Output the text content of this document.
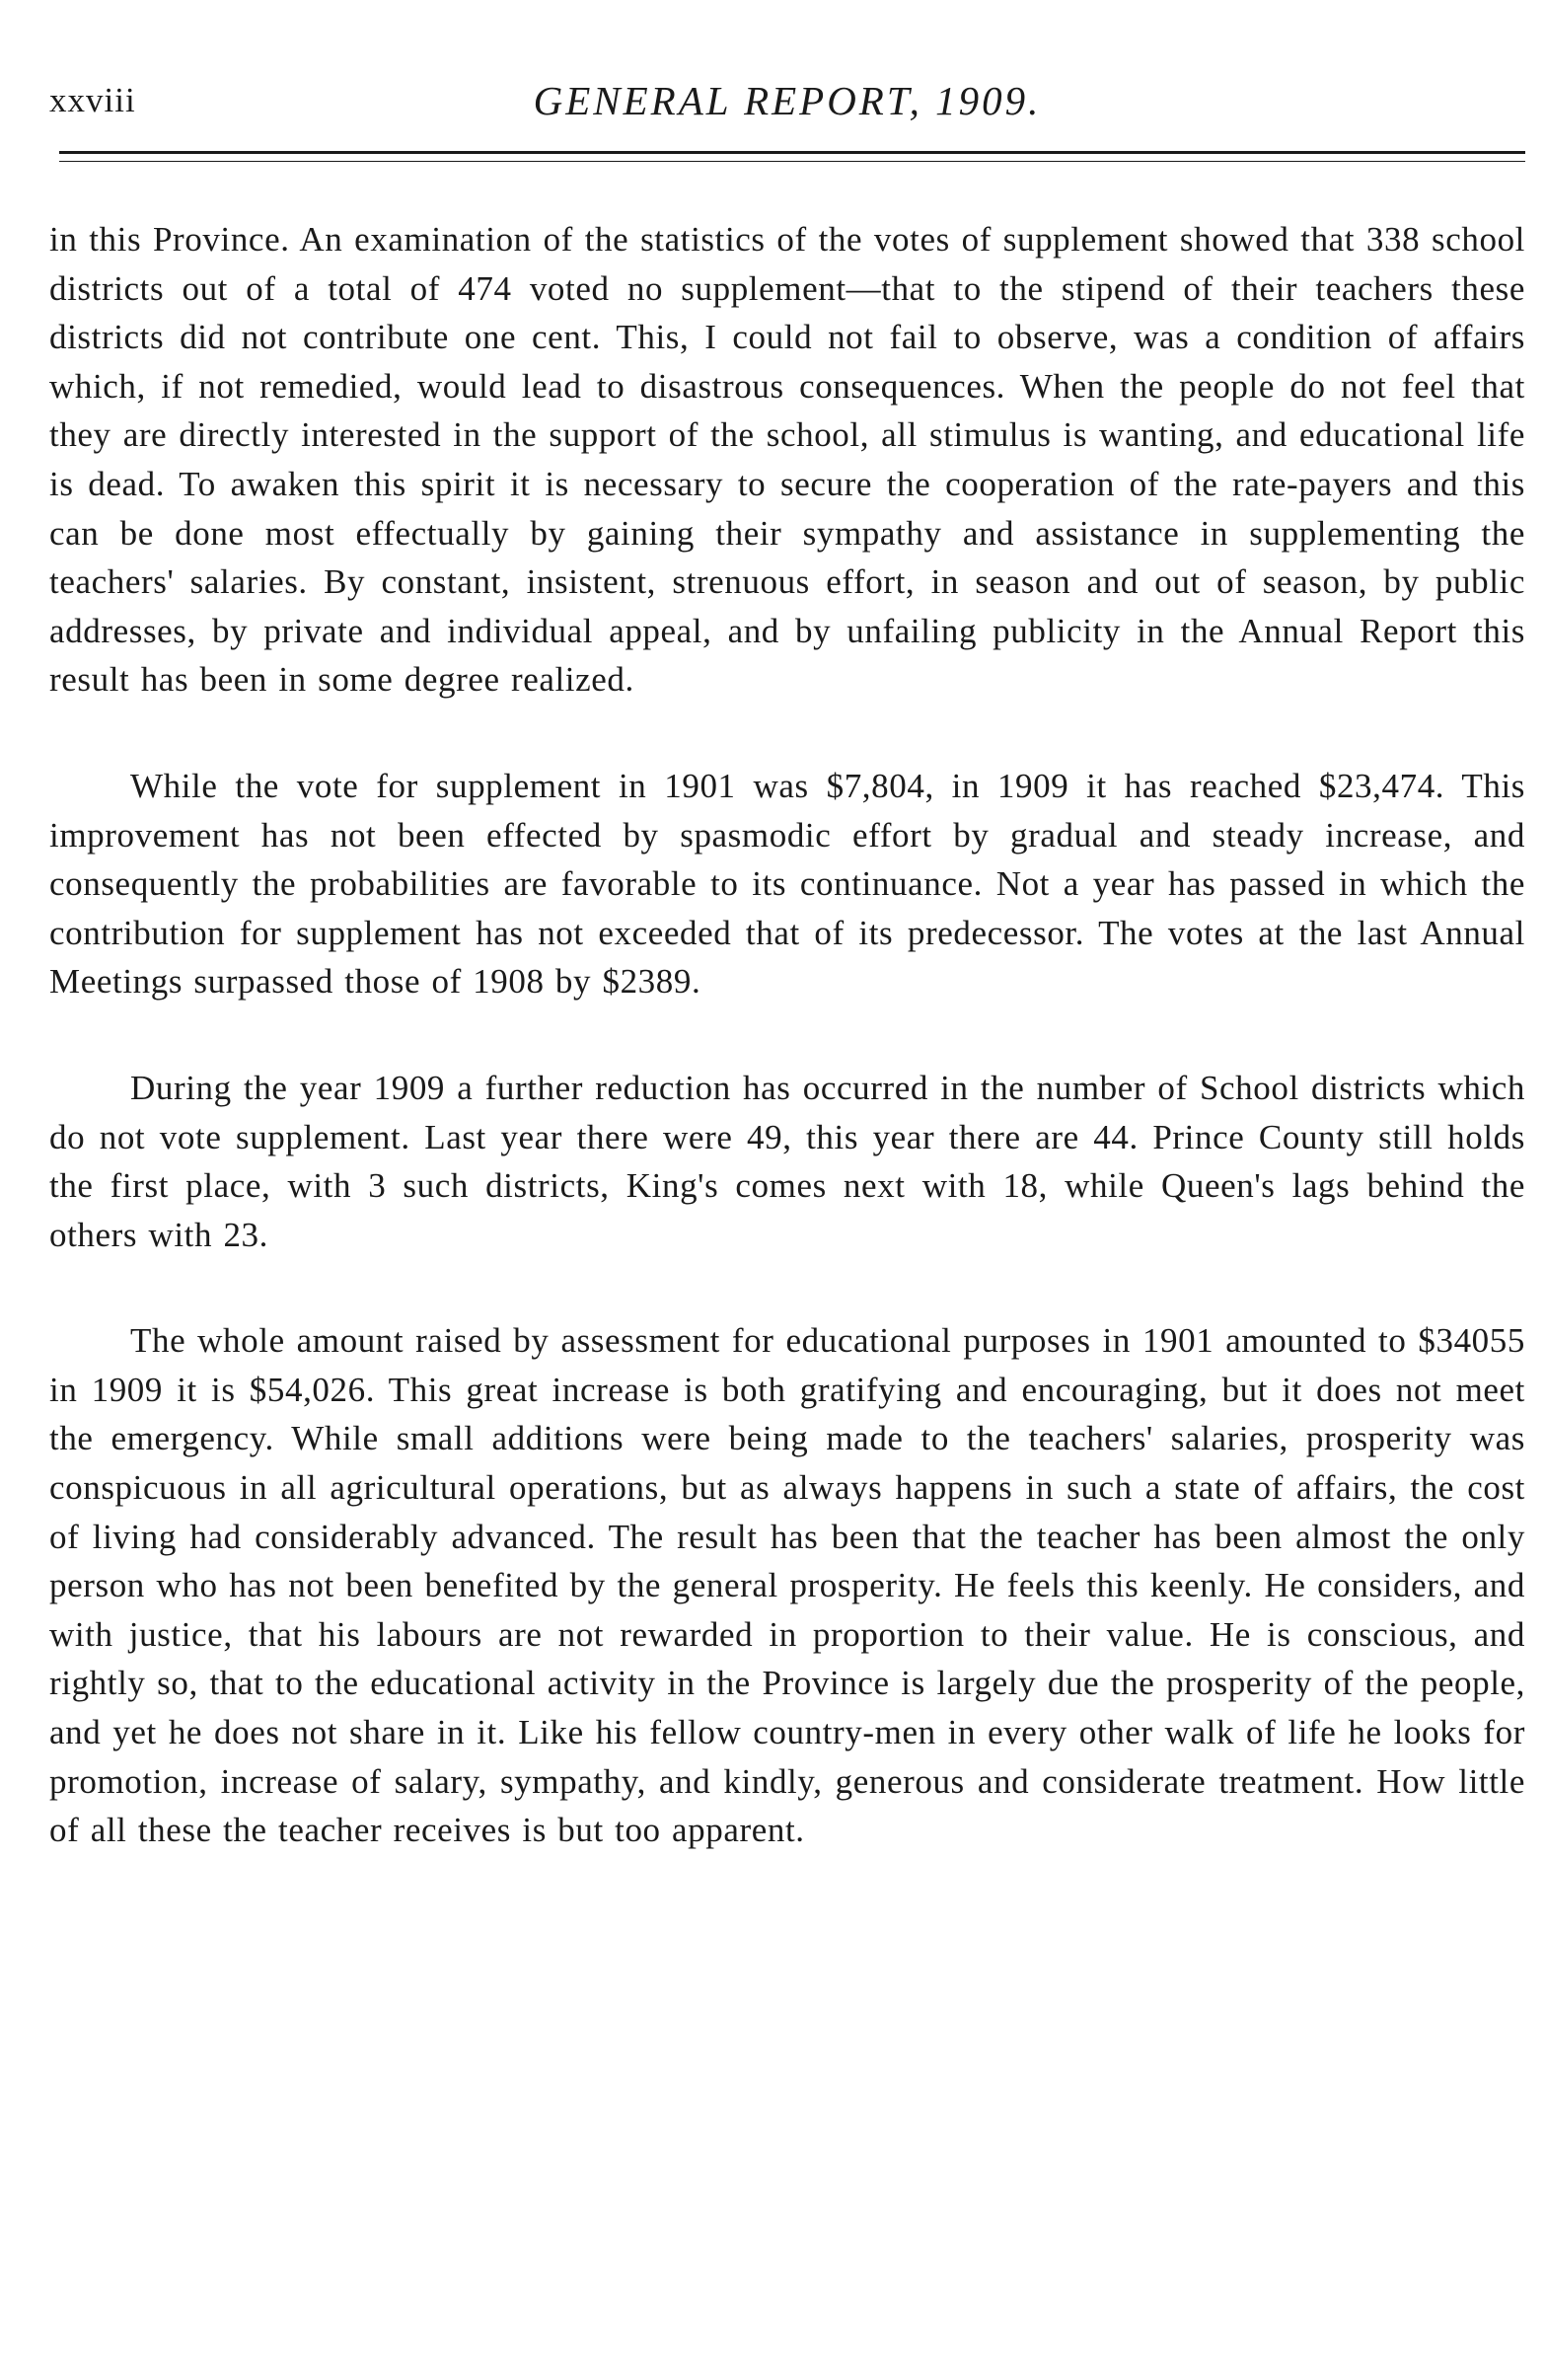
xxviii	GENERAL REPORT, 1909.

in this Province. An examination of the statistics of the votes of supplement showed that 338 school districts out of a total of 474 voted no supplement—that to the stipend of their teachers these districts did not contribute one cent. This, I could not fail to observe, was a condition of affairs which, if not remedied, would lead to disastrous consequences. When the people do not feel that they are directly interested in the support of the school, all stimulus is wanting, and educational life is dead. To awaken this spirit it is necessary to secure the cooperation of the rate-payers and this can be done most effectually by gaining their sympathy and assistance in supplementing the teachers' salaries. By constant, insistent, strenuous effort, in season and out of season, by public addresses, by private and individual appeal, and by unfailing publicity in the Annual Report this result has been in some degree realized.

While the vote for supplement in 1901 was $7,804, in 1909 it has reached $23,474. This improvement has not been effected by spasmodic effort by gradual and steady increase, and consequently the probabilities are favorable to its continuance. Not a year has passed in which the contribution for supplement has not exceeded that of its predecessor. The votes at the last Annual Meetings surpassed those of 1908 by $2389.

During the year 1909 a further reduction has occurred in the number of School districts which do not vote supplement. Last year there were 49, this year there are 44. Prince County still holds the first place, with 3 such districts, King's comes next with 18, while Queen's lags behind the others with 23.

The whole amount raised by assessment for educational purposes in 1901 amounted to $34055 in 1909 it is $54,026. This great increase is both gratifying and encouraging, but it does not meet the emergency. While small additions were being made to the teachers' salaries, prosperity was conspicuous in all agricultural operations, but as always happens in such a state of affairs, the cost of living had considerably advanced. The result has been that the teacher has been almost the only person who has not been benefited by the general prosperity. He feels this keenly. He considers, and with justice, that his labours are not rewarded in proportion to their value. He is conscious, and rightly so, that to the educational activity in the Province is largely due the prosperity of the people, and yet he does not share in it. Like his fellow country-men in every other walk of life he looks for promotion, increase of salary, sympathy, and kindly, generous and considerate treatment. How little of all these the teacher receives is but too apparent.
